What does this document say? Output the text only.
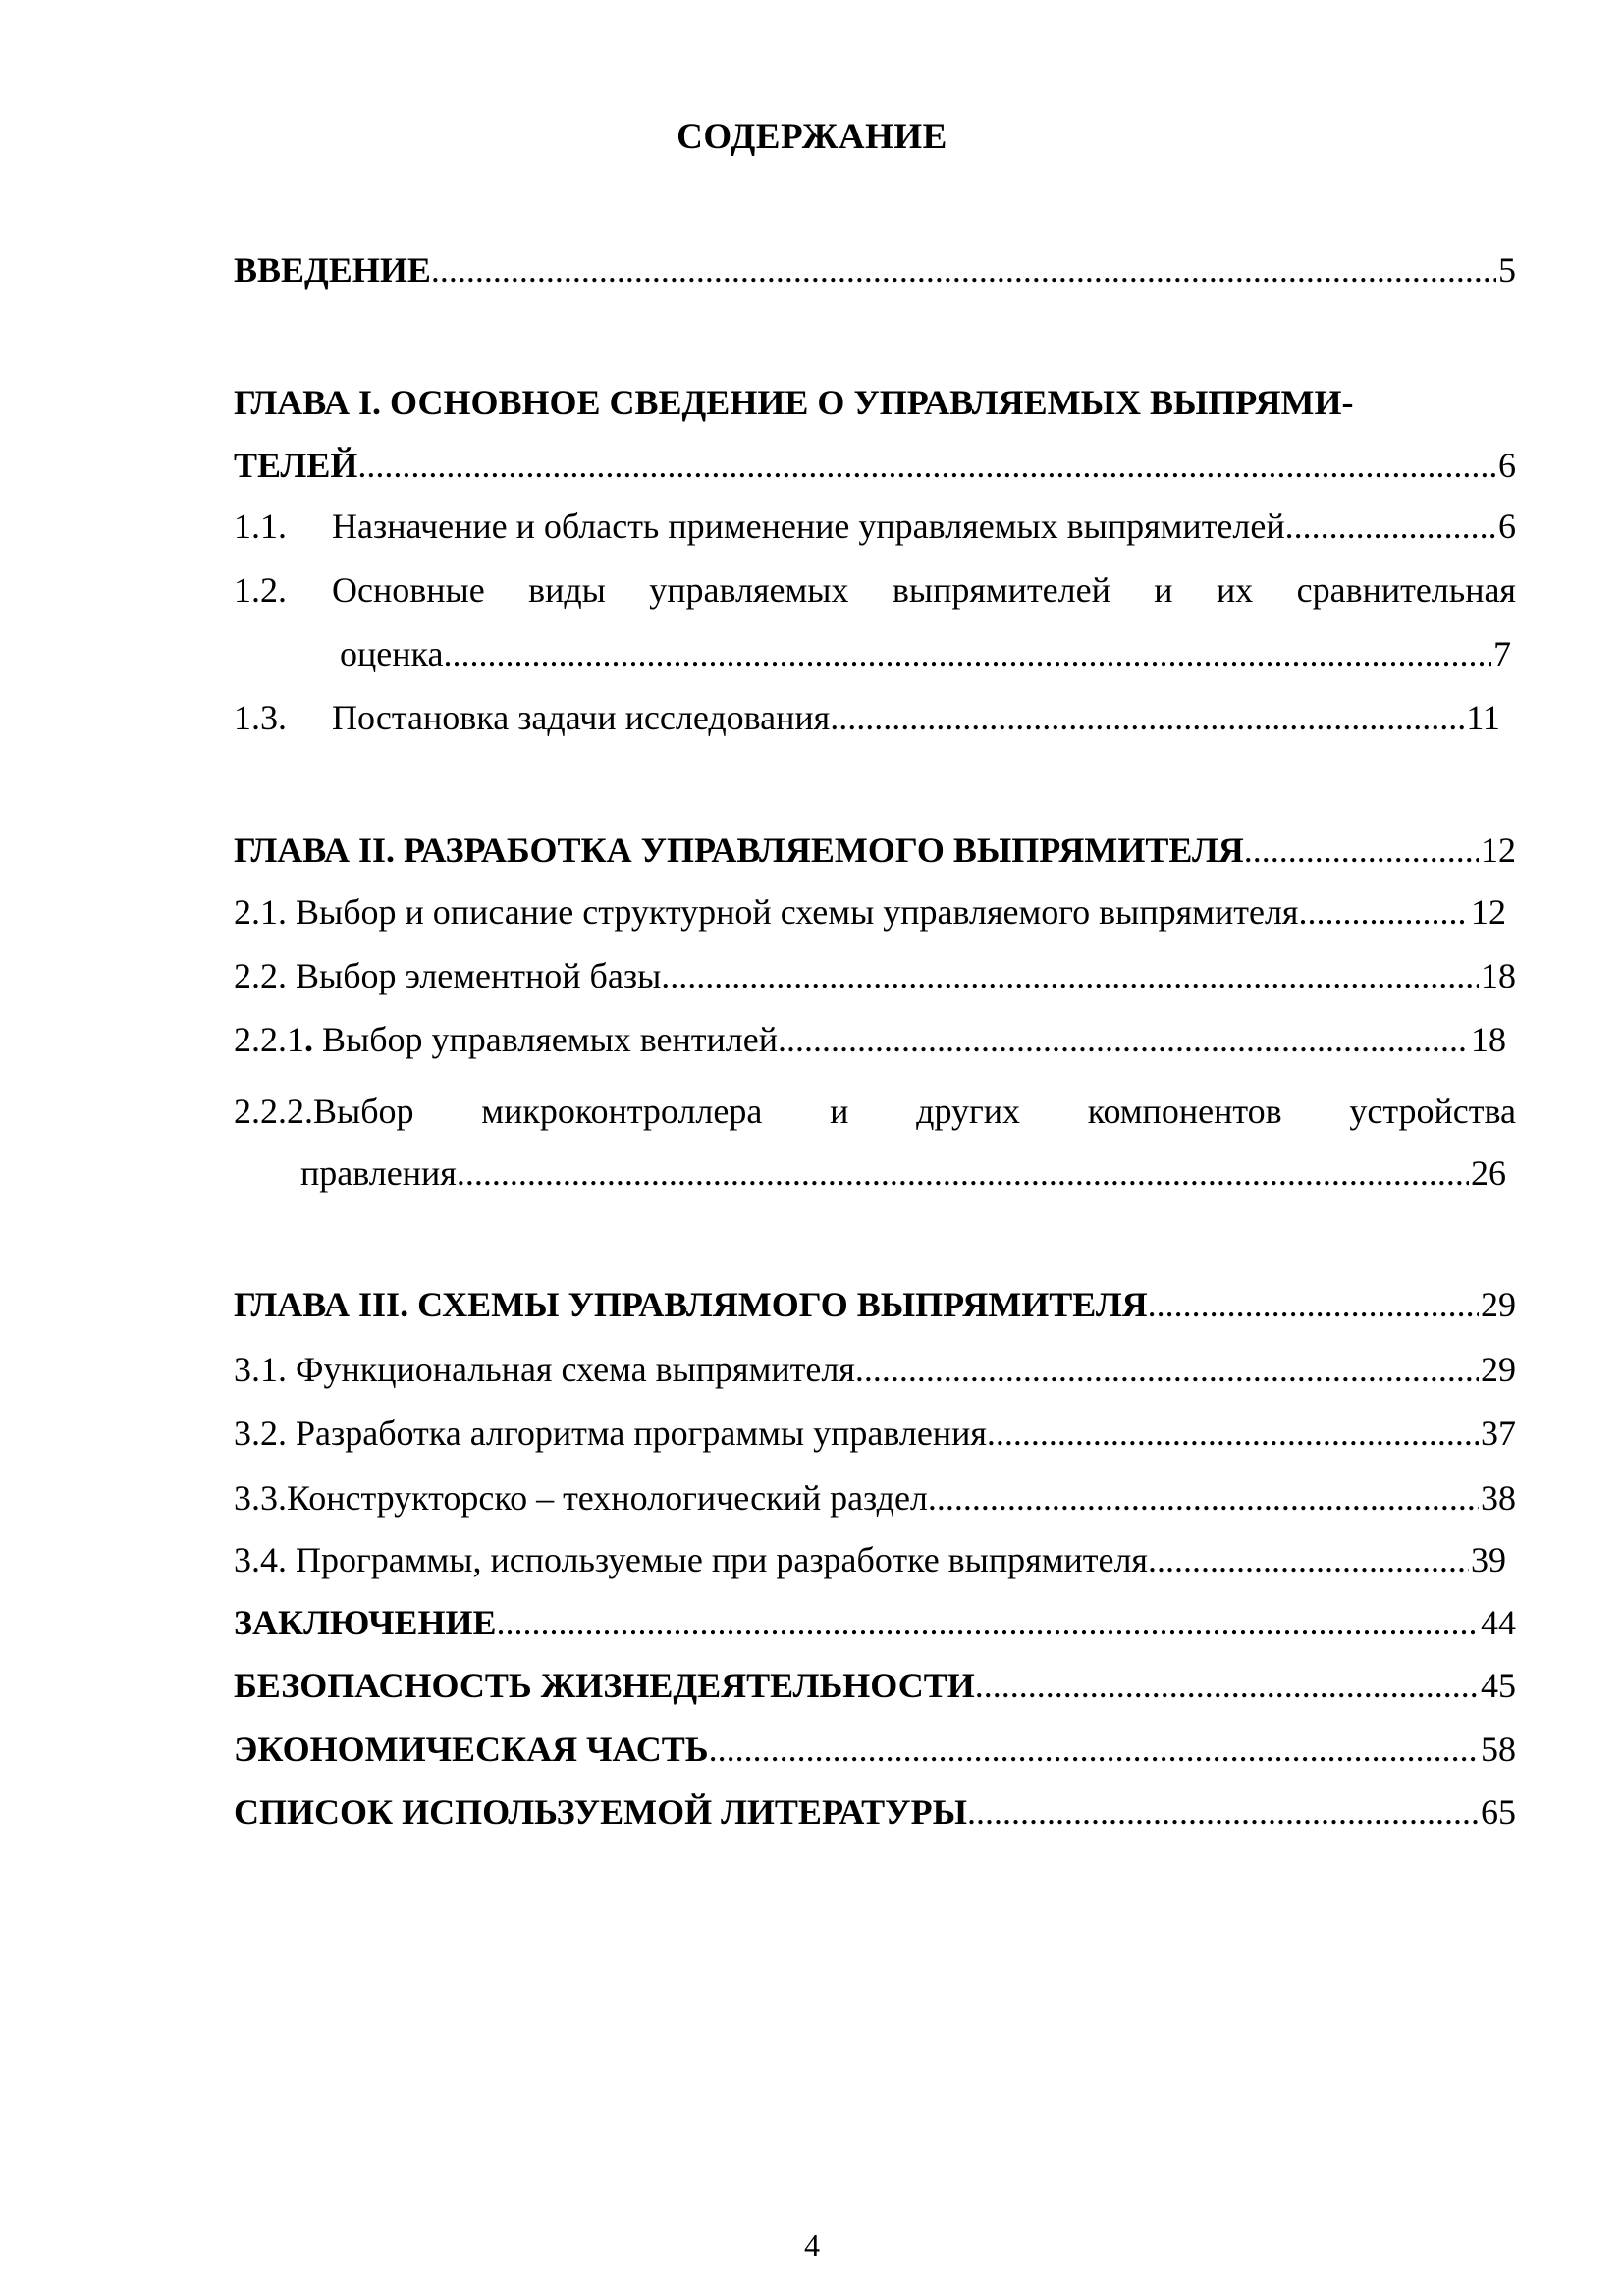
СОДЕРЖАНИЕ
ВВЕДЕНИЕ .....	5
ГЛАВА I. ОСНОВНОЕ СВЕДЕНИЕ О УПРАВЛЯЕМЫХ ВЫПРЯМИ-
ТЕЛЕЙ .....	6
1.1. Назначение и область применение управляемых выпрямителей .....	6
1.2.	Основные виды управляемых выпрямителей и их сравнительная
оценка .....	7
1.3. Постановка задачи исследования .....	11
ГЛАВА II. РАЗРАБОТКА УПРАВЛЯЕМОГО ВЫПРЯМИТЕЛЯ .....	12
2.1. Выбор и описание структурной схемы управляемого выпрямителя .....	12
2.2. Выбор элементной базы .....	18
2.2.1. Выбор управляемых вентилей .....	18
2.2.2.Выбор микроконтроллера и других компонентов устройства
правления .....	26
ГЛАВА III. СХЕМЫ УПРАВЛЯМОГО ВЫПРЯМИТЕЛЯ .....	29
3.1. Функциональная схема выпрямителя .....	29
3.2. Разработка алгоритма программы управления .....	37
3.3.Конструкторско – технологический раздел .....	38
3.4. Программы, используемые при разработке выпрямителя .....	39
ЗАКЛЮЧЕНИЕ .....	44
БЕЗОПАСНОСТЬ ЖИЗНЕДЕЯТЕЛЬНОСТИ .....	45
ЭКОНОМИЧЕСКАЯ ЧАСТЬ .....	58
СПИСОК ИСПОЛЬЗУЕМОЙ ЛИТЕРАТУРЫ .....	65
4
